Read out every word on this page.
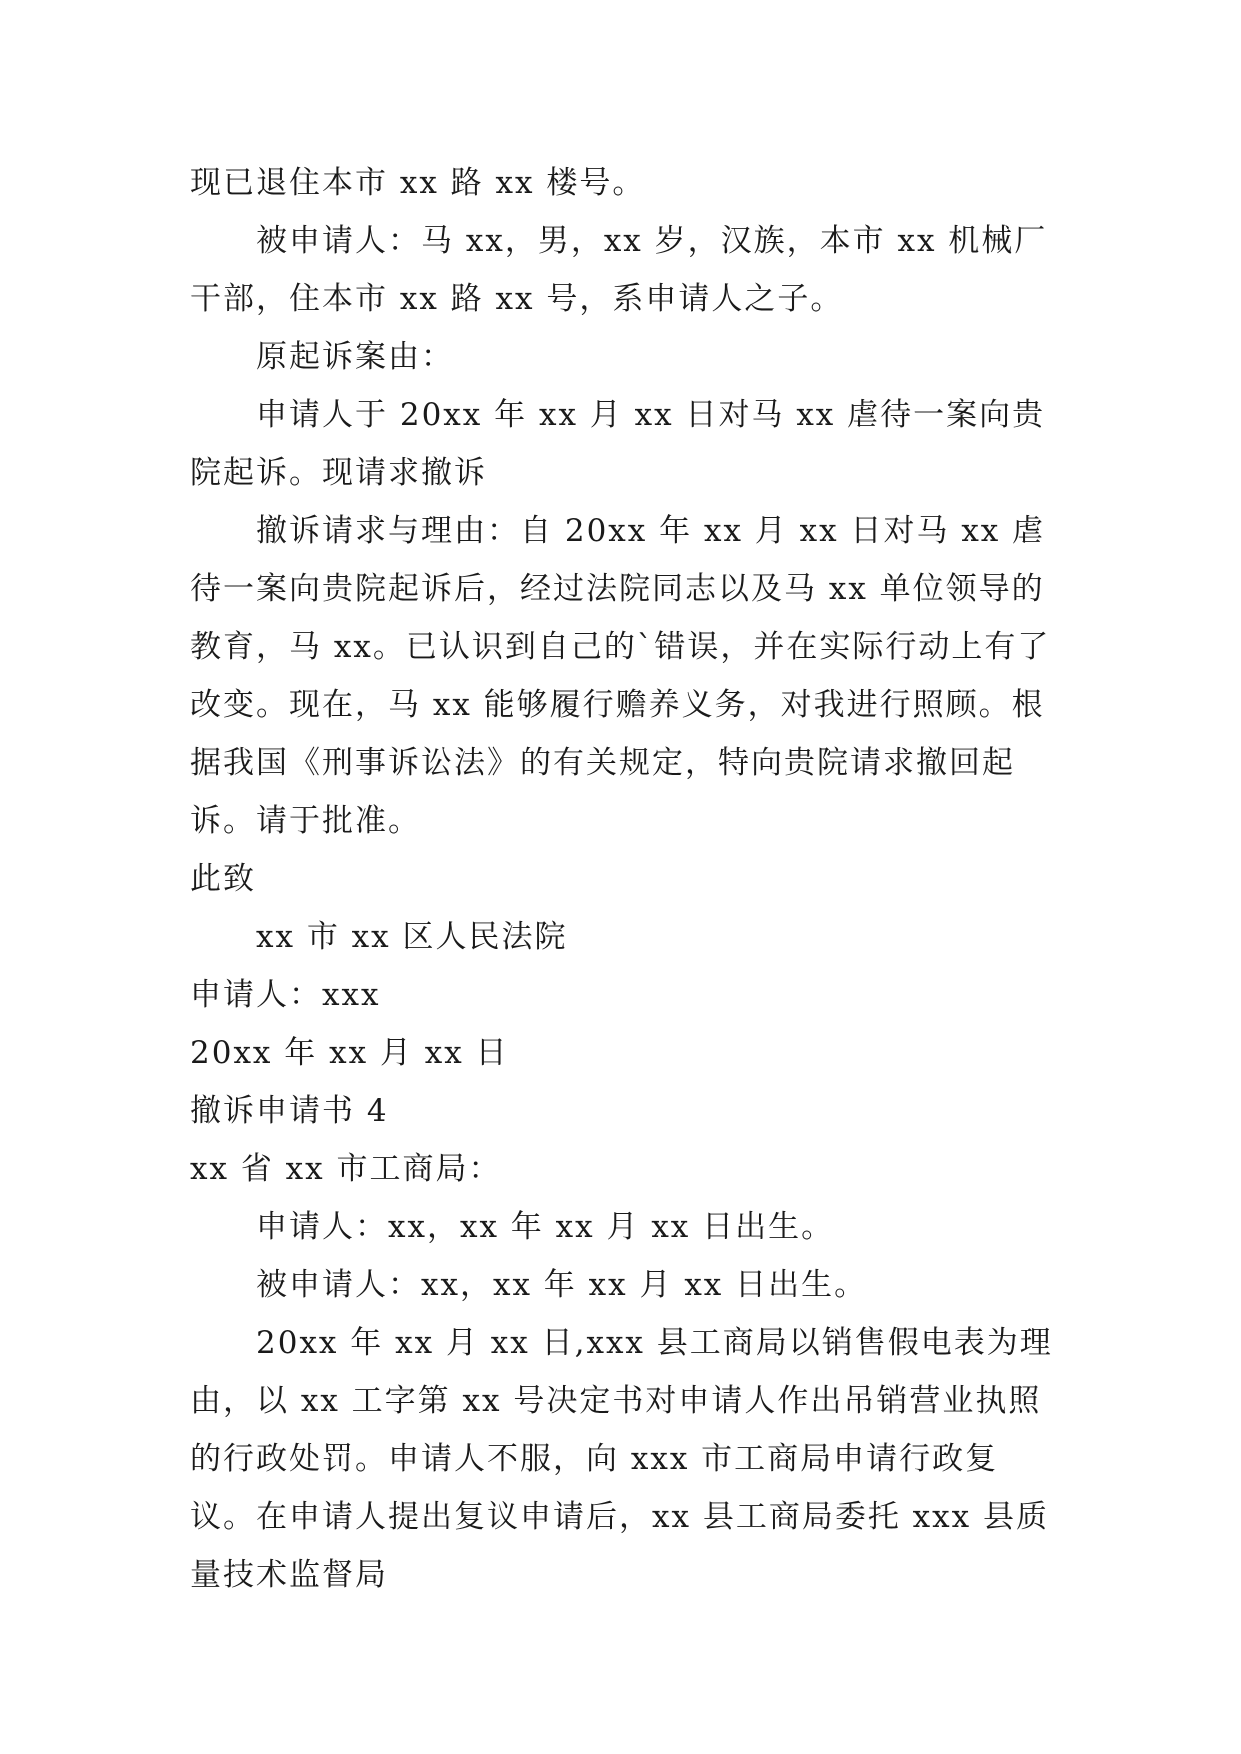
现已退住本市 xx 路 xx 楼号。

被申请人：马 xx，男，xx 岁，汉族，本市 xx 机械厂干部，住本市 xx 路 xx 号，系申请人之子。

原起诉案由：

申请人于 20xx 年 xx 月 xx 日对马 xx 虐待一案向贵院起诉。现请求撤诉

撤诉请求与理由：自 20xx 年 xx 月 xx 日对马 xx 虐待一案向贵院起诉后，经过法院同志以及马 xx 单位领导的教育，马 xx。已认识到自己的`错误，并在实际行动上有了改变。现在，马 xx 能够履行赡养义务，对我进行照顾。根据我国《刑事诉讼法》的有关规定，特向贵院请求撤回起诉。请于批准。

此致

xx 市 xx 区人民法院

申请人：xxx

20xx 年 xx 月 xx 日

撤诉申请书 4

xx 省 xx 市工商局：

申请人：xx，xx 年 xx 月 xx 日出生。

被申请人：xx，xx 年 xx 月 xx 日出生。

20xx 年 xx 月 xx 日,xxx 县工商局以销售假电表为理由，以 xx 工字第 xx 号决定书对申请人作出吊销营业执照的行政处罚。申请人不服，向 xxx 市工商局申请行政复议。在申请人提出复议申请后，xx 县工商局委托 xxx 县质量技术监督局
